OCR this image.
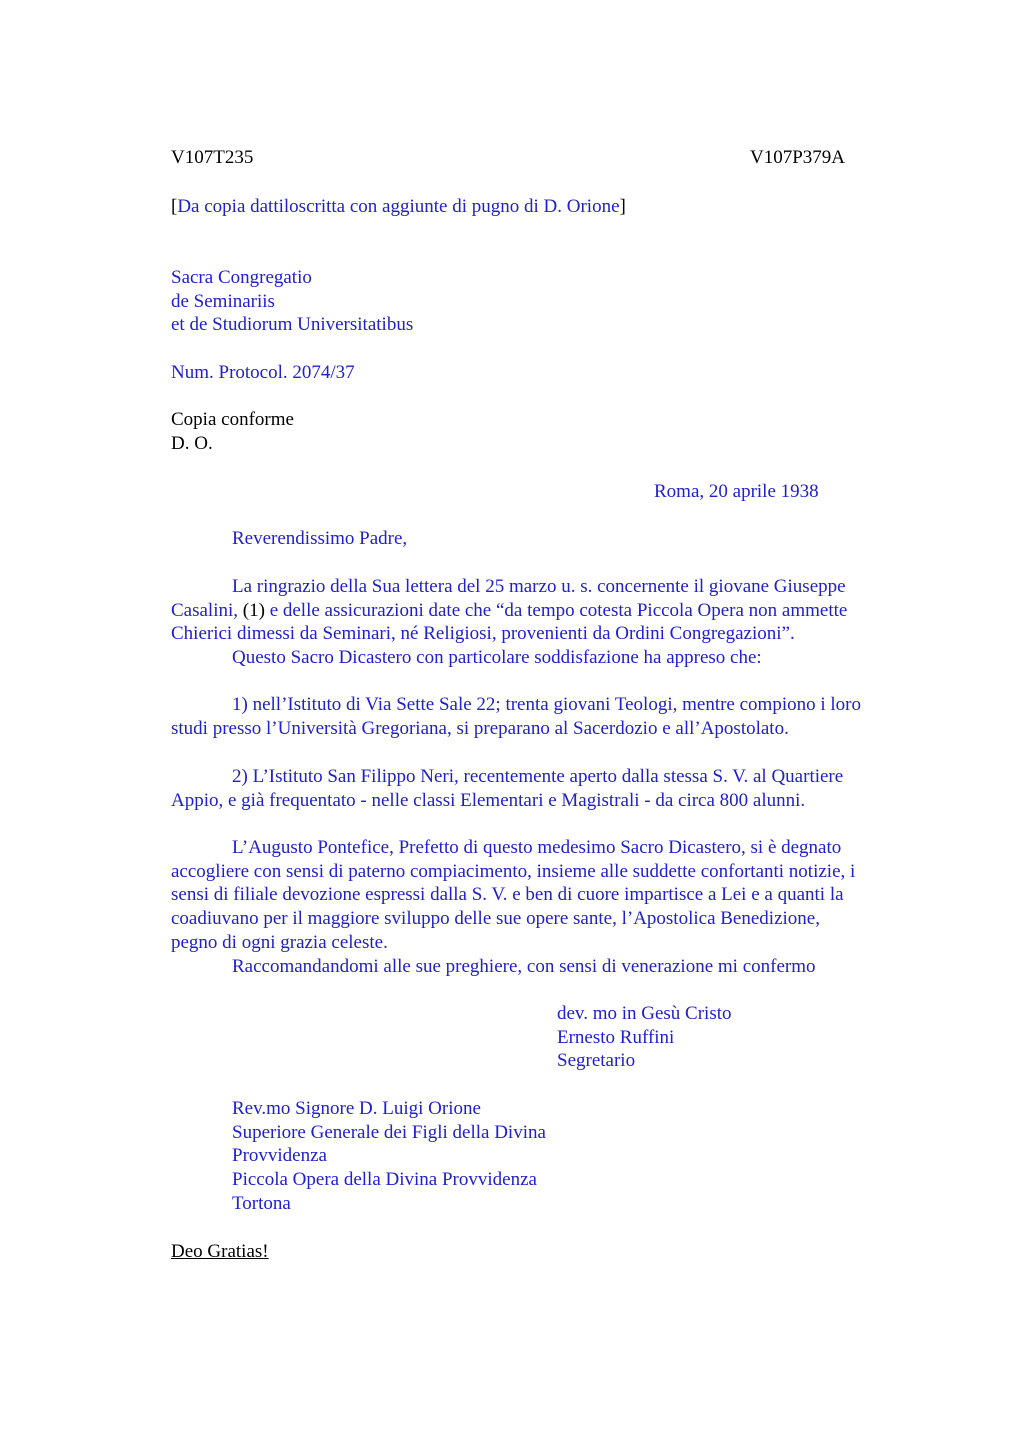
V107T235	V107P379A
[Da copia dattiloscritta con aggiunte di pugno di D. Orione]
Sacra Congregatio
de Seminariis
et de Studiorum Universitatibus
Num. Protocol. 2074/37
Copia conforme
D. O.
Roma, 20 aprile 1938
Reverendissimo Padre,
La ringrazio della Sua lettera del 25 marzo u. s. concernente il giovane Giuseppe
Casalini, (1) e delle assicurazioni date che “da tempo cotesta Piccola Opera non ammette
Chierici dimessi da Seminari, né Religiosi, provenienti da Ordini Congregazioni”.
Questo Sacro Dicastero con particolare soddisfazione ha appreso che:
1) nell’Istituto di Via Sette Sale 22; trenta giovani Teologi, mentre compiono i loro
studi presso l’Università Gregoriana, si preparano al Sacerdozio e all’Apostolato.
2) L’Istituto San Filippo Neri, recentemente aperto dalla stessa S. V. al Quartiere
Appio, e già frequentato - nelle classi Elementari e Magistrali - da circa 800 alunni.
L’Augusto Pontefice, Prefetto di questo medesimo Sacro Dicastero, si è degnato
accogliere con sensi di paterno compiacimento, insieme alle suddette confortanti notizie, i
sensi di filiale devozione espressi dalla S. V. e ben di cuore impartisce a Lei e a quanti la
coadiuvano per il maggiore sviluppo delle sue opere sante, l’Apostolica Benedizione,
pegno di ogni grazia celeste.
Raccomandandomi alle sue preghiere, con sensi di venerazione mi confermo
dev. mo in Gesù Cristo
Ernesto Ruffini
Segretario
Rev.mo Signore D. Luigi Orione
Superiore Generale dei Figli della Divina
Provvidenza
Piccola Opera della Divina Provvidenza
Tortona
Deo Gratias!
